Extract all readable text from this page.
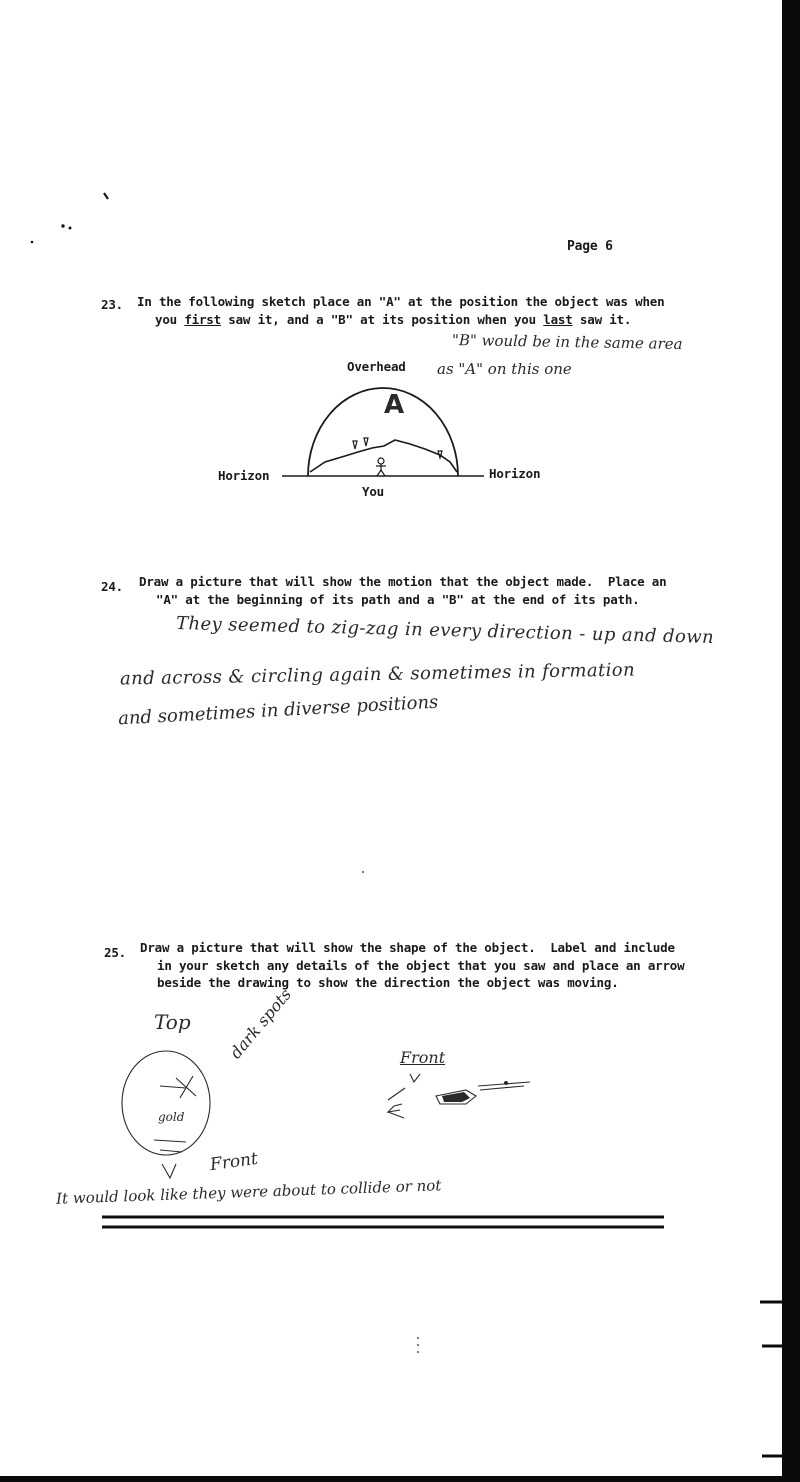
Page 6
23. In the following sketch place an "A" at the position the object was when
you first saw it, and a "B" at its position when you last saw it.
"B" would be in the same area
as "A" on this one
Overhead
Horizon	Horizon
You
A
24. Draw a picture that will show the motion that the object made.  Place an
"A" at the beginning of its path and a "B" at the end of its path.
They seemed to zig-zag in every direction - up and down
and across & circling again & sometimes in formation
and sometimes in diverse positions
25. Draw a picture that will show the shape of the object.  Label and include
in your sketch any details of the object that you saw and place an arrow
beside the drawing to show the direction the object was moving.
Top dark spots
gold
Front
Front
It would look like they were about to collide or not
